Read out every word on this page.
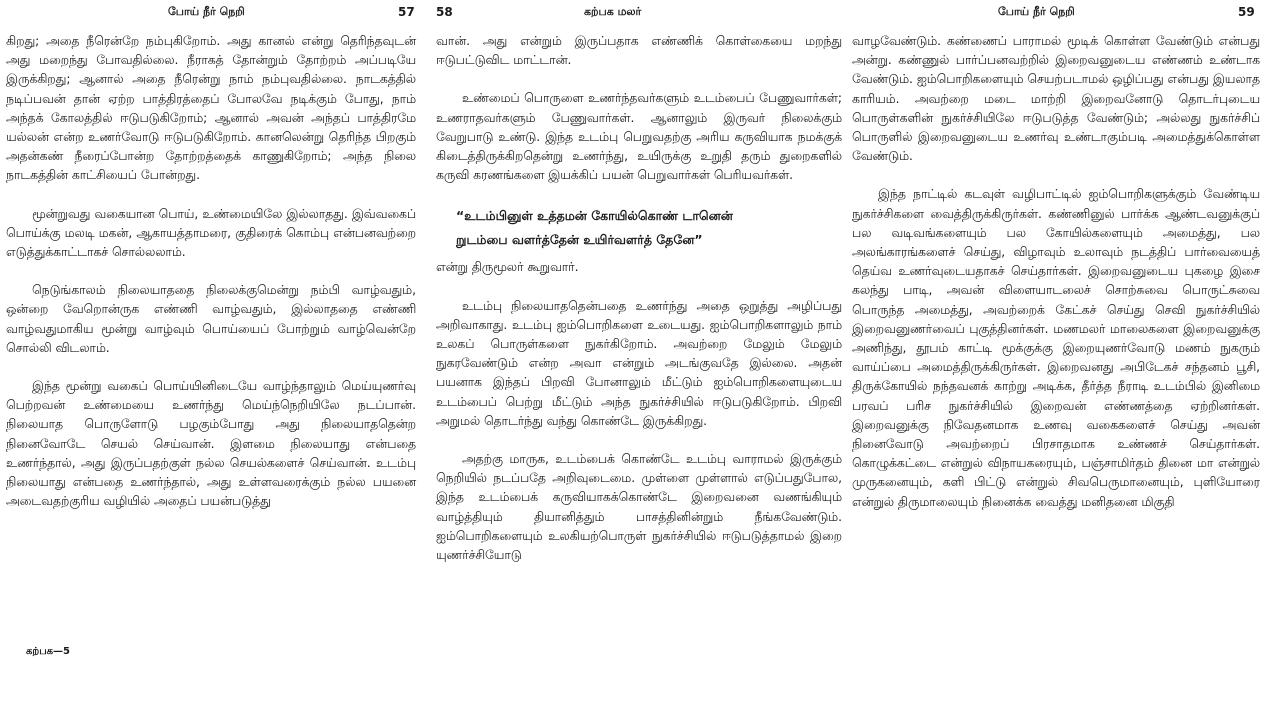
போய் நீர் நெறி	57

கிறது; அதை நீரென்றே நம்புகிறோம். அது கானல் என்று தெரிந்தவுடன் அது மறைந்து போவதில்லை. நீராகத் தோன்றும் தோற்றம் அப்படியே இருக்கிறது; ஆனால் அதை நீரென்று நாம் நம்புவதில்லை. நாடகத்தில் நடிப்பவன் தான் ஏற்ற பாத்திரத்தைப் போலவே நடிக்கும் போது, நாம் அந்தக் கோலத்தில் ஈடுபடுகிறோம்; ஆனால் அவன் அந்தப் பாத்திரமே யல்லன் என்ற உணர்வோடு ஈடுபடுகிறோம். கானலென்று தெரிந்த பிறகும் அதன்கண் நீரைப்போன்ற தோற்றத்தைக் காணுகிறோம்; அந்த நிலை நாடகத்தின் காட்சியைப் போன்றது.

மூன்றுவது வகையான பொய், உண்மையிலே இல்லாதது. இவ்வகைப் பொய்க்கு மலடி மகன், ஆகாயத்தாமரை, குதிரைக் கொம்பு என்பனவற்றை எடுத்துக்காட்டாகச் சொல்லலாம்.

நெடுங்காலம் நிலையாததை நிலைக்குமென்று நம்பி வாழ்வதும், ஒன்றை வேறொன்ருக எண்ணி வாழ்வதும், இல்லாததை எண்ணி வாழ்வதுமாகிய மூன்று வாழ்வும் பொய்யைப் போற்றும் வாழ்வென்றே சொல்லி விடலாம்.

இந்த மூன்று வகைப் பொய்யினிடையே வாழ்ந்தாலும் மெய்யுணர்வு பெற்றவன் உண்மையை உணர்ந்து மெய்ந்நெறியிலே நடப்பான். நிலையாத பொருளோடு பழகும்போது அது நிலையாததென்ற நினைவோடே செயல் செய்வான். இளமை நிலையாது என்பதை உணர்ந்தால், அது இருப்பதற்குள் நல்ல செயல்களைச் செய்வான். உடம்பு நிலையாது என்பதை உணர்ந்தால், அது உள்ளவரைக்கும் நல்ல பயனை அடைவதற்குரிய வழியில் அதைப் பயன்படுத்து

கற்பக—5
58	கற்பக மலர்

வான். அது என்றும் இருப்பதாக எண்ணிக் கொள்கையை மறந்து ஈடுபட்டுவிட மாட்டான்.

உண்மைப் பொருளை உணர்ந்தவர்களும் உடம்பைப் பேணுவார்கள்; உணராதவர்களும் பேணுவார்கள். ஆனாலும் இருவர் நிலைக்கும் வேறுபாடு உண்டு. இந்த உடம்பு பெறுவதற்கு அரிய கருவியாக நமக்குக் கிடைத்திருக்கிறதென்று உணர்ந்து, உயிருக்கு உறுதி தரும் துறைகளில் கருவி கரணங்களை இயக்கிப் பயன் பெறுவார்கள் பெரியவர்கள்.

“உடம்பினுள் உத்தமன் கோயில்கொண் டானென்
றுடம்பை வளர்த்தேன் உயிர்வளர்த் தேனே”

என்று திருமூலர் கூறுவார்.

உடம்பு நிலையாததென்பதை உணர்ந்து அதை ஒறுத்து அழிப்பது அறிவாகாது. உடம்பு ஐம்பொறிகளை உடையது. ஐம்பொறிகளாலும் நாம் உலகப் பொருள்களை நுகர்கிறோம். அவற்றை மேலும் மேலும் நுகரவேண்டும் என்ற அவா என்றும் அடங்குவதே இல்லை. அதன் பயனாக இந்தப் பிறவி போனாலும் மீட்டும் ஐம்பொறிகளையுடைய உடம்பைப் பெற்று மீட்டும் அந்த நுகர்ச்சியில் ஈடுபடுகிறோம். பிறவி அறுமல் தொடர்ந்து வந்து கொண்டே இருக்கிறது.

அதற்கு மாருக, உடம்பைக் கொண்டே உடம்பு வாராமல் இருக்கும் நெறியில் நடப்பதே அறிவுடைமை. முள்ளை முள்ளால் எடுப்பதுபோல, இந்த உடம்பைக் கருவியாகக்கொண்டே இறைவனை வணங்கியும் வாழ்த்தியும் தியானித்தும் பாசத்தினின்றும் நீங்கவேண்டும். ஐம்பொறிகளையும் உலகியற்பொருள் நுகர்ச்சியில் ஈடுபடுத்தாமல் இறை யுணர்ச்சியோடு

போய் நீர் நெறி	59

வாழவேண்டும். கண்ணைப் பாராமல் மூடிக் கொள்ள வேண்டும் என்பது அன்று. கண்ணுல் பார்ப்பனவற்றில் இறைவனுடைய எண்ணம் உண்டாக வேண்டும். ஐம்பொறிகளையும் செயற்படாமல் ஒழிப்பது என்பது இயலாத காரியம். அவற்றை மடை மாற்றி இறைவனோடு தொடர்புடைய பொருள்களின் நுகர்ச்சியிலே ஈடுபடுத்த வேண்டும்; அல்லது நுகர்ச்சிப் பொருளில் இறைவனுடைய உணர்வு உண்டாகும்படி அமைத்துக்கொள்ள வேண்டும்.

இந்த நாட்டில் கடவுள் வழிபாட்டில் ஐம்பொறிகளுக்கும் வேண்டிய நுகர்ச்சிகளை வைத்திருக்கிருர்கள். கண்ணினுல் பார்க்க ஆண்டவனுக்குப் பல வடிவங்களையும் பல கோயில்களையும் அமைத்து, பல அலங்காரங்களைச் செய்து, விழாவும் உலாவும் நடத்திப் பார்வையைத் தெய்வ உணர்வுடையதாகச் செய்தார்கள். இறைவனுடைய புகழை இசை கலந்து பாடி, அவன் விளையாடலைச் சொற்சுவை பொருட்சுவை பொருந்த அமைத்து, அவற்றைக் கேட்கச் செய்து செவி நுகர்ச்சியில் இறைவனுணர்வைப் புகுத்தினர்கள். மணமலர் மாலைகளை இறைவனுக்கு அணிந்து, தூபம் காட்டி மூக்குக்கு இறையுணர்வோடு மணம் நுகரும் வாய்ப்பை அமைத்திருக்கிருர்கள். இறைவனது அபிடேகச் சந்தனம் பூசி, திருக்கோயில் நந்தவனக் காற்று அடிக்க, தீர்த்த நீராடி உடம்பில் இனிமை பரவப் பரிச நுகர்ச்சியில் இறைவன் எண்ணத்தை ஏற்றினர்கள். இறைவனுக்கு நிவேதனமாக உணவு வகைகளைச் செய்து அவன் நினைவோடு அவற்றைப் பிரசாதமாக உண்ணச் செய்தார்கள். கொழுக்கட்டை என்றுல் விநாயகரையும், பஞ்சாமிர்தம் தினை மா என்றுல் முருகனையும், களி பிட்டு என்றுல் சிவபெருமானையும், புளியோரை என்றுல் திருமாலையும் நினைக்க வைத்து மனிதனை மிகுதி
